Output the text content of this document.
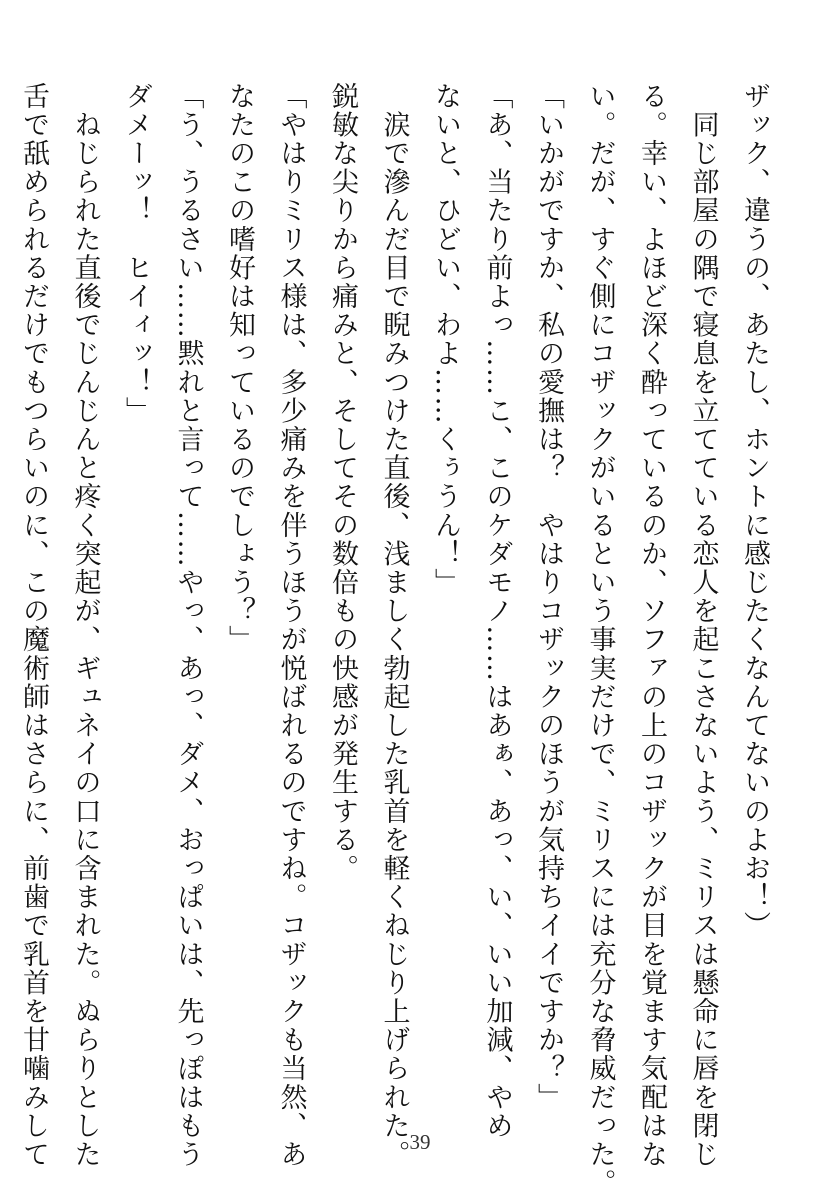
ザック、違うの、あたし、ホントに感じたくなんてないのよお！）
　同じ部屋の隅で寝息を立てている恋人を起こさないよう、ミリスは懸命に唇を閉じ
る。幸い、よほど深く酔っているのか、ソファの上のコザックが目を覚ます気配はな
い。だが、すぐ側にコザックがいるという事実だけで、ミリスには充分な脅威だった。
「いかがですか、私の愛撫は？　やはりコザックのほうが気持ちイイですか？」
「あ、当たり前よっ……こ、このケダモノ……はあぁ、あっ、い、いい加減、やめ
ないと、ひどい、わよ……くぅうん！」
　涙で滲んだ目で睨みつけた直後、浅ましく勃起した乳首を軽くねじり上げられた。
鋭敏な尖りから痛みと、そしてその数倍もの快感が発生する。
「やはりミリス様は、多少痛みを伴うほうが悦ばれるのですね。コザックも当然、あ
なたのこの嗜好は知っているのでしょう？」
「う、うるさい……黙れと言って……やっ、あっ、ダメ、おっぱいは、先っぽはもう
ダメーッ！　ヒイィッ！」
　ねじられた直後でじんじんと疼く突起が、ギュネイの口に含まれた。ぬらりとした
舌で舐められるだけでもつらいのに、この魔術師はさらに、前歯で乳首を甘噛みして	39
